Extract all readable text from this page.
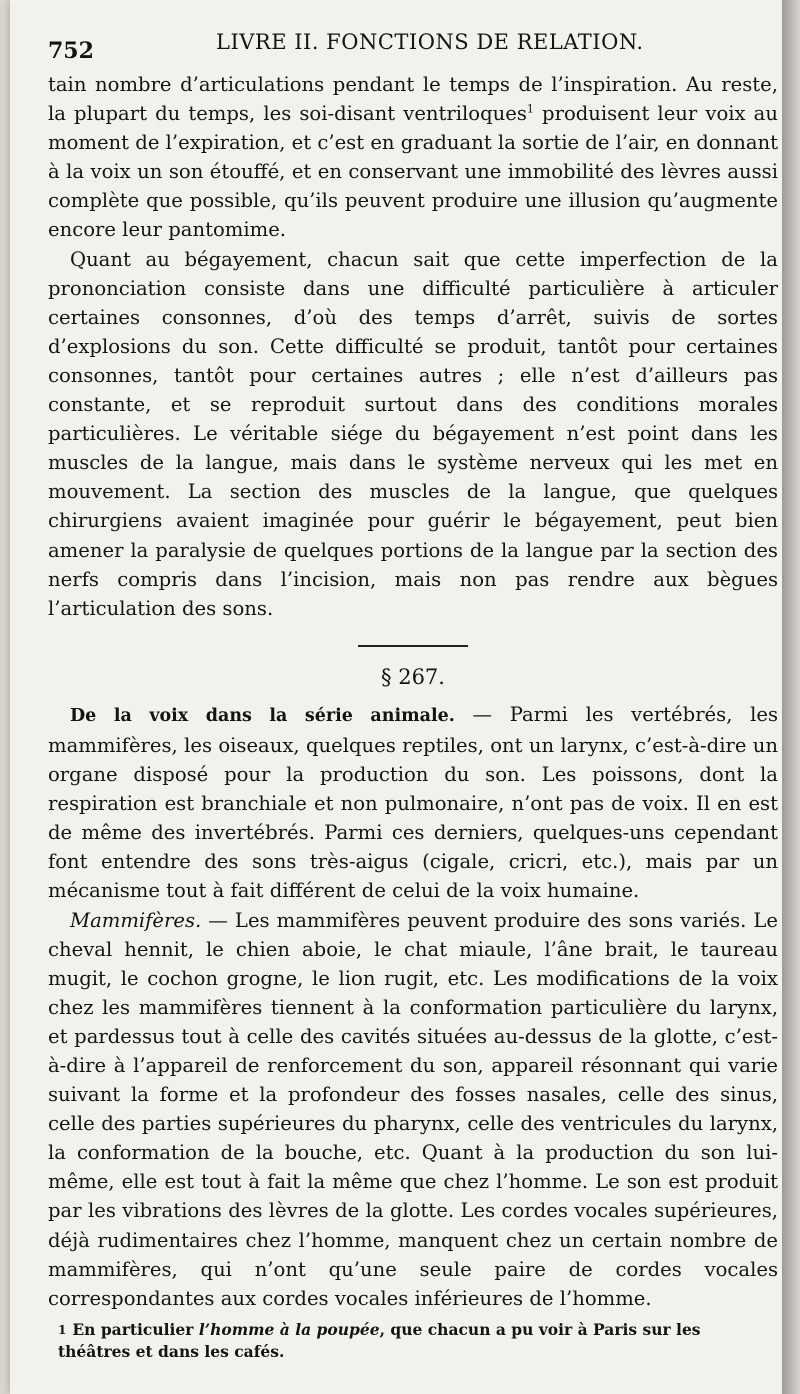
752	LIVRE II. FONCTIONS DE RELATION.

tain nombre d’articulations pendant le temps de l’inspiration. Au reste, la plupart du temps, les soi-disant ventriloques$^1$ produisent leur voix au moment de l’expiration, et c’est en graduant la sortie de l’air, en donnant à la voix un son étouffé, et en conservant une immobilité des lèvres aussi complète que possible, qu’ils peuvent produire une illusion qu’augmente encore leur pantomime.

Quant au bégayement, chacun sait que cette imperfection de la prononciation consiste dans une difficulté particulière à articuler certaines consonnes, d’où des temps d’arrêt, suivis de sortes d’explosions du son. Cette difficulté se produit, tantôt pour certaines consonnes, tantôt pour certaines autres ; elle n’est d’ailleurs pas constante, et se reproduit surtout dans des conditions morales particulières. Le véritable siége du bégayement n’est point dans les muscles de la langue, mais dans le système nerveux qui les met en mouvement. La section des muscles de la langue, que quelques chirurgiens avaient imaginée pour guérir le bégayement, peut bien amener la paralysie de quelques portions de la langue par la section des nerfs compris dans l’incision, mais non pas rendre aux bègues l’articulation des sons.

§ 267.

De la voix dans la série animale. — Parmi les vertébrés, les mammifères, les oiseaux, quelques reptiles, ont un larynx, c’est-à-dire un organe disposé pour la production du son. Les poissons, dont la respiration est branchiale et non pulmonaire, n’ont pas de voix. Il en est de même des invertébrés. Parmi ces derniers, quelques-uns cependant font entendre des sons très-aigus (cigale, cricri, etc.), mais par un mécanisme tout à fait différent de celui de la voix humaine.

Mammifères. — Les mammifères peuvent produire des sons variés. Le cheval hennit, le chien aboie, le chat miaule, l’âne brait, le taureau mugit, le cochon grogne, le lion rugit, etc. Les modifications de la voix chez les mammifères tiennent à la conformation particulière du larynx, et pardessus tout à celle des cavités situées au-dessus de la glotte, c’est-à-dire à l’appareil de renforcement du son, appareil résonnant qui varie suivant la forme et la profondeur des fosses nasales, celle des sinus, celle des parties supérieures du pharynx, celle des ventricules du larynx, la conformation de la bouche, etc. Quant à la production du son lui-même, elle est tout à fait la même que chez l’homme. Le son est produit par les vibrations des lèvres de la glotte. Les cordes vocales supérieures, déjà rudimentaires chez l’homme, manquent chez un certain nombre de mammifères, qui n’ont qu’une seule paire de cordes vocales correspondantes aux cordes vocales inférieures de l’homme.

$^1$ En particulier l’homme à la poupée, que chacun a pu voir à Paris sur les théâtres et dans les cafés.
